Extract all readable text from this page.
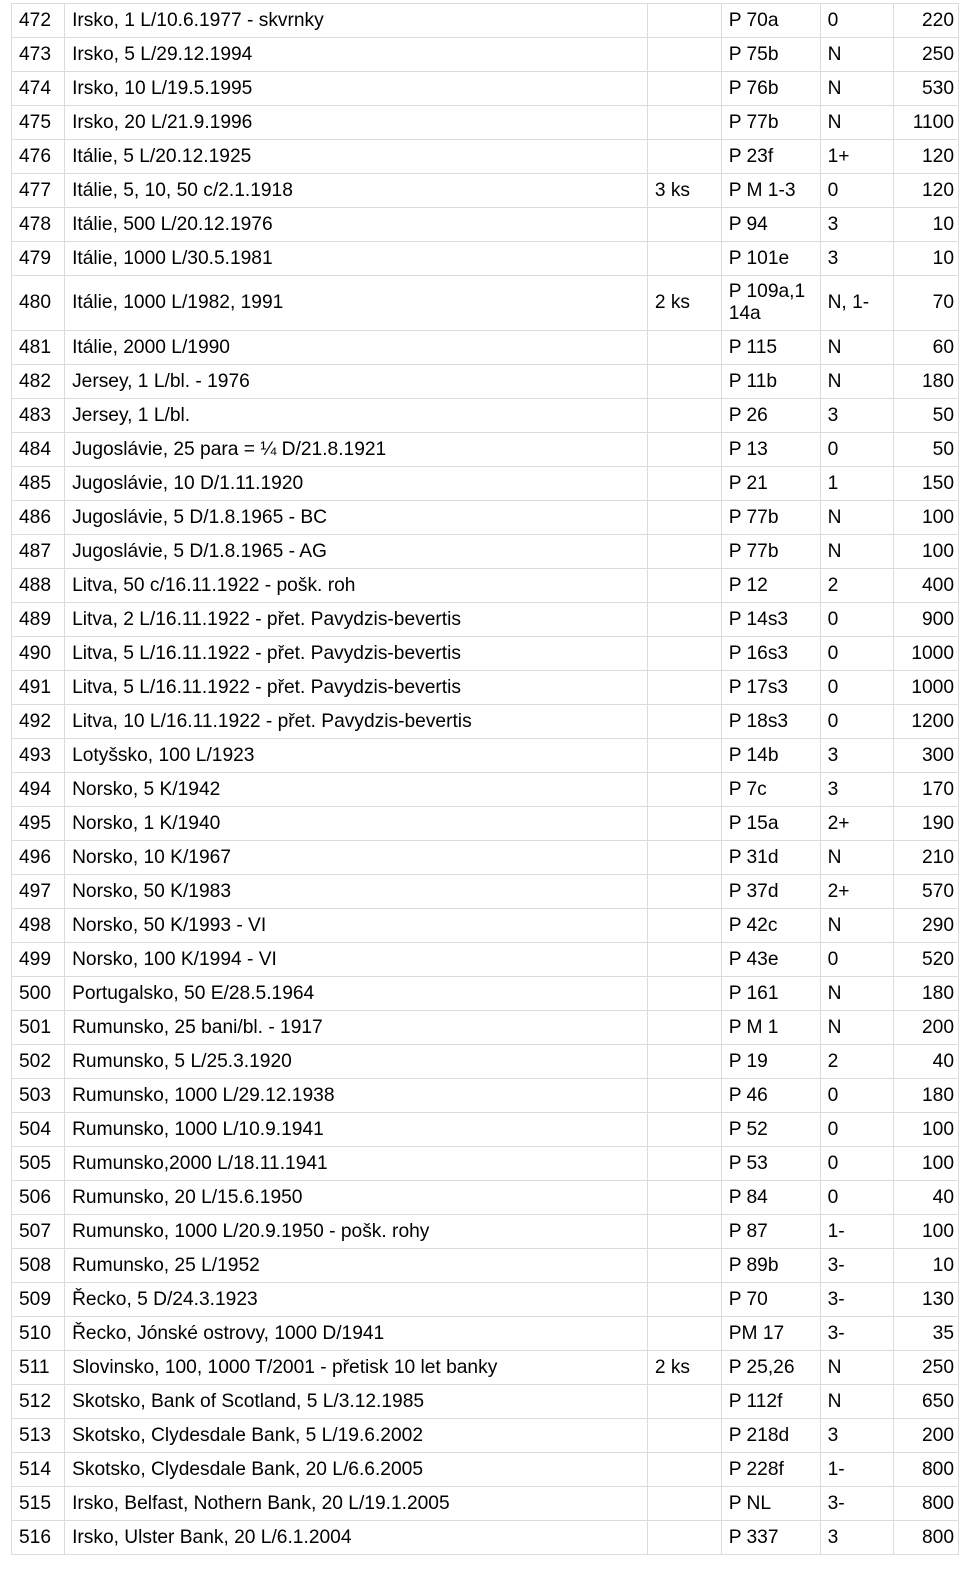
472	Irsko, 1 L/10.6.1977 - skvrnky		P 70a	0	220
473	Irsko, 5 L/29.12.1994		P 75b	N	250
474	Irsko, 10 L/19.5.1995		P 76b	N	530
475	Irsko, 20 L/21.9.1996		P 77b	N	1100
476	Itálie, 5 L/20.12.1925		P 23f	1+	120
477	Itálie, 5, 10, 50 c/2.1.1918	3 ks	P M 1-3	0	120
478	Itálie, 500 L/20.12.1976		P 94	3	10
479	Itálie, 1000 L/30.5.1981		P 101e	3	10
480	Itálie, 1000 L/1982, 1991	2 ks	P 109a,114a	N, 1-	70
481	Itálie, 2000 L/1990		P 115	N	60
482	Jersey, 1 L/bl. - 1976		P 11b	N	180
483	Jersey, 1 L/bl.		P 26	3	50
484	Jugoslávie, 25 para = ¼ D/21.8.1921		P 13	0	50
485	Jugoslávie, 10 D/1.11.1920		P 21	1	150
486	Jugoslávie, 5 D/1.8.1965 - BC		P 77b	N	100
487	Jugoslávie, 5 D/1.8.1965 - AG		P 77b	N	100
488	Litva, 50 c/16.11.1922 - pošk. roh		P 12	2	400
489	Litva, 2 L/16.11.1922 - přet. Pavydzis-bevertis		P 14s3	0	900
490	Litva, 5 L/16.11.1922 - přet. Pavydzis-bevertis		P 16s3	0	1000
491	Litva, 5 L/16.11.1922 - přet. Pavydzis-bevertis		P 17s3	0	1000
492	Litva, 10 L/16.11.1922 - přet. Pavydzis-bevertis		P 18s3	0	1200
493	Lotyšsko, 100 L/1923		P 14b	3	300
494	Norsko, 5 K/1942		P 7c	3	170
495	Norsko, 1 K/1940		P 15a	2+	190
496	Norsko, 10 K/1967		P 31d	N	210
497	Norsko, 50 K/1983		P 37d	2+	570
498	Norsko, 50 K/1993 - VI		P 42c	N	290
499	Norsko, 100 K/1994 - VI		P 43e	0	520
500	Portugalsko, 50 E/28.5.1964		P 161	N	180
501	Rumunsko, 25 bani/bl. - 1917		P M 1	N	200
502	Rumunsko, 5 L/25.3.1920		P 19	2	40
503	Rumunsko, 1000 L/29.12.1938		P 46	0	180
504	Rumunsko, 1000 L/10.9.1941		P 52	0	100
505	Rumunsko,2000 L/18.11.1941		P 53	0	100
506	Rumunsko, 20 L/15.6.1950		P 84	0	40
507	Rumunsko, 1000 L/20.9.1950 - pošk. rohy		P 87	1-	100
508	Rumunsko, 25 L/1952		P 89b	3-	10
509	Řecko, 5 D/24.3.1923		P 70	3-	130
510	Řecko, Jónské ostrovy, 1000 D/1941		PM 17	3-	35
511	Slovinsko, 100, 1000 T/2001 - přetisk 10 let banky	2 ks	P 25,26	N	250
512	Skotsko, Bank of Scotland, 5 L/3.12.1985		P 112f	N	650
513	Skotsko, Clydesdale Bank, 5 L/19.6.2002		P 218d	3	200
514	Skotsko, Clydesdale Bank, 20 L/6.6.2005		P 228f	1-	800
515	Irsko, Belfast, Nothern Bank, 20 L/19.1.2005		P NL	3-	800
516	Irsko, Ulster Bank, 20 L/6.1.2004		P 337	3	800
